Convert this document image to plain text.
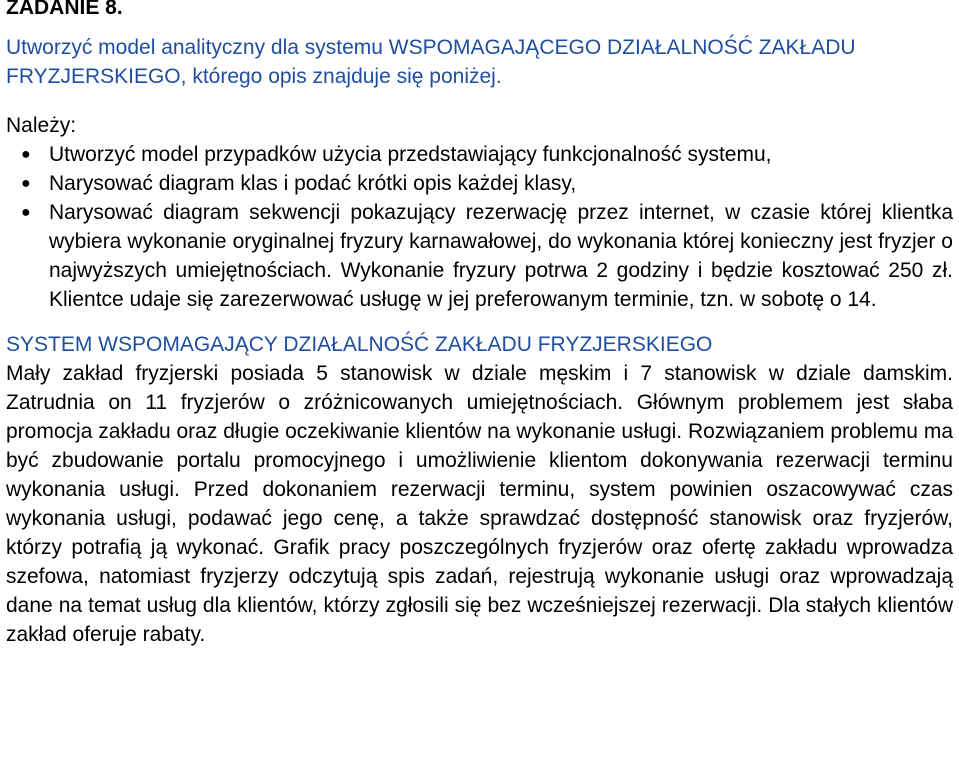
ZADANIE 8.

Utworzyć model analityczny dla systemu WSPOMAGAJĄCEGO DZIAŁALNOŚĆ ZAKŁADU FRYZJERSKIEGO, którego opis znajduje się poniżej.

Należy:

● Utworzyć model przypadków użycia przedstawiający funkcjonalność systemu,
● Narysować diagram klas i podać krótki opis każdej klasy,
● Narysować diagram sekwencji pokazujący rezerwację przez internet, w czasie której klientka wybiera wykonanie oryginalnej fryzury karnawałowej, do wykonania której konieczny jest fryzjer o najwyższych umiejętnościach. Wykonanie fryzury potrwa 2 godziny i będzie kosztować 250 zł. Klientce udaje się zarezerwować usługę w jej preferowanym terminie, tzn. w sobotę o 14.

SYSTEM WSPOMAGAJĄCY DZIAŁALNOŚĆ ZAKŁADU FRYZJERSKIEGO

Mały zakład fryzjerski posiada 5 stanowisk w dziale męskim i 7 stanowisk w dziale damskim. Zatrudnia on 11 fryzjerów o zróżnicowanych umiejętnościach. Głównym problemem jest słaba promocja zakładu oraz długie oczekiwanie klientów na wykonanie usługi. Rozwiązaniem problemu ma być zbudowanie portalu promocyjnego i umożliwienie klientom dokonywania rezerwacji terminu wykonania usługi. Przed dokonaniem rezerwacji terminu, system powinien oszacowywać czas wykonania usługi, podawać jego cenę, a także sprawdzać dostępność stanowisk oraz fryzjerów, którzy potrafią ją wykonać. Grafik pracy poszczególnych fryzjerów oraz ofertę zakładu wprowadza szefowa, natomiast fryzjerzy odczytują spis zadań, rejestrują wykonanie usługi oraz wprowadzają dane na temat usług dla klientów, którzy zgłosili się bez wcześniejszej rezerwacji. Dla stałych klientów zakład oferuje rabaty.
